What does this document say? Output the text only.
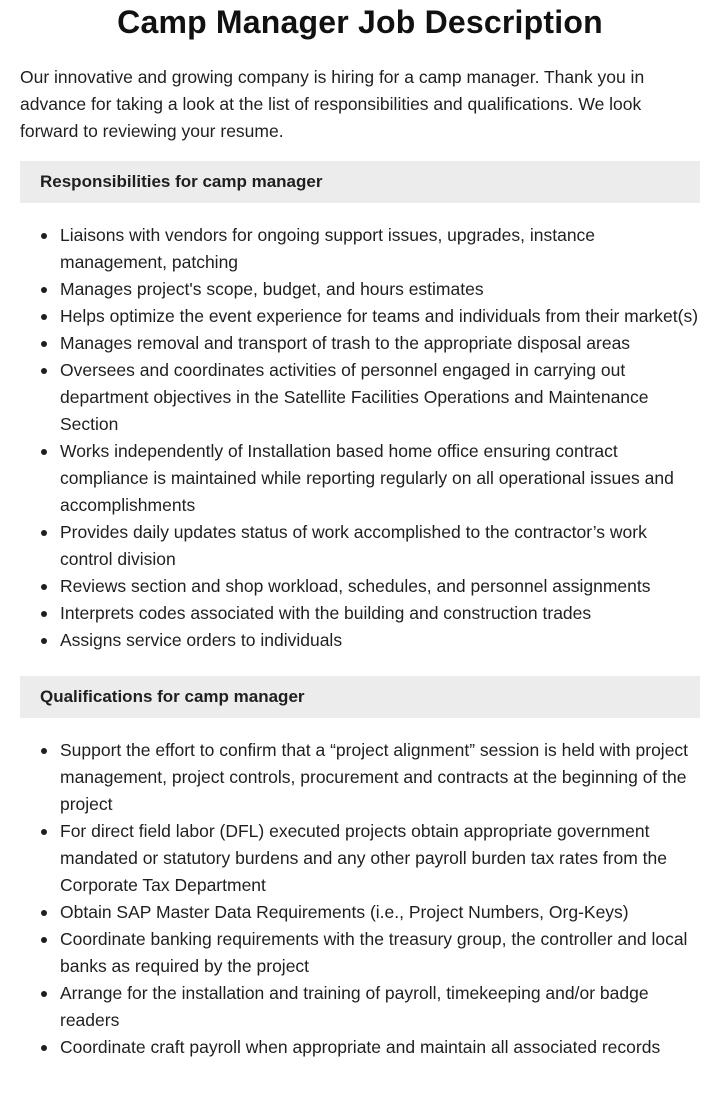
Camp Manager Job Description

Our innovative and growing company is hiring for a camp manager. Thank you in advance for taking a look at the list of responsibilities and qualifications. We look forward to reviewing your resume.

Responsibilities for camp manager
Liaisons with vendors for ongoing support issues, upgrades, instance management, patching
Manages project's scope, budget, and hours estimates
Helps optimize the event experience for teams and individuals from their market(s)
Manages removal and transport of trash to the appropriate disposal areas
Oversees and coordinates activities of personnel engaged in carrying out department objectives in the Satellite Facilities Operations and Maintenance Section
Works independently of Installation based home office ensuring contract compliance is maintained while reporting regularly on all operational issues and accomplishments
Provides daily updates status of work accomplished to the contractor’s work control division
Reviews section and shop workload, schedules, and personnel assignments
Interprets codes associated with the building and construction trades
Assigns service orders to individuals
Qualifications for camp manager
Support the effort to confirm that a “project alignment” session is held with project management, project controls, procurement and contracts at the beginning of the project
For direct field labor (DFL) executed projects obtain appropriate government mandated or statutory burdens and any other payroll burden tax rates from the Corporate Tax Department
Obtain SAP Master Data Requirements (i.e., Project Numbers, Org-Keys)
Coordinate banking requirements with the treasury group, the controller and local banks as required by the project
Arrange for the installation and training of payroll, timekeeping and/or badge readers
Coordinate craft payroll when appropriate and maintain all associated records
